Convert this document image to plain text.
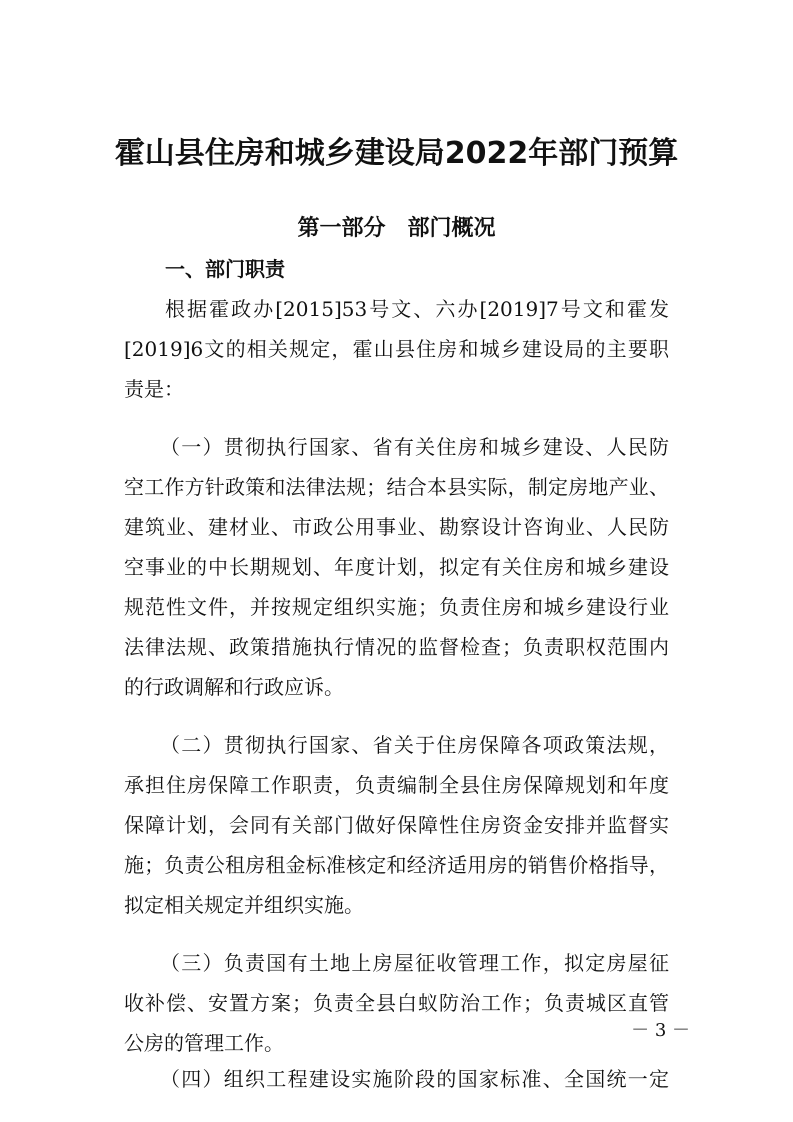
霍山县住房和城乡建设局2022年部门预算
第一部分　部门概况
一、部门职责

根据霍政办[2015]53号文、六办[2019]7号文和霍发

[2019]6文的相关规定，霍山县住房和城乡建设局的主要职

责是：

（一）贯彻执行国家、省有关住房和城乡建设、人民防

空工作方针政策和法律法规；结合本县实际，制定房地产业、

建筑业、建材业、市政公用事业、勘察设计咨询业、人民防

空事业的中长期规划、年度计划，拟定有关住房和城乡建设

规范性文件，并按规定组织实施；负责住房和城乡建设行业

法律法规、政策措施执行情况的监督检查；负责职权范围内

的行政调解和行政应诉。

（二）贯彻执行国家、省关于住房保障各项政策法规，

承担住房保障工作职责，负责编制全县住房保障规划和年度

保障计划，会同有关部门做好保障性住房资金安排并监督实

施；负责公租房租金标准核定和经济适用房的销售价格指导，

拟定相关规定并组织实施。

（三）负责国有土地上房屋征收管理工作，拟定房屋征

收补偿、安置方案；负责全县白蚁防治工作；负责城区直管

公房的管理工作。

（四）组织工程建设实施阶段的国家标准、全国统一定

－ 3 －
